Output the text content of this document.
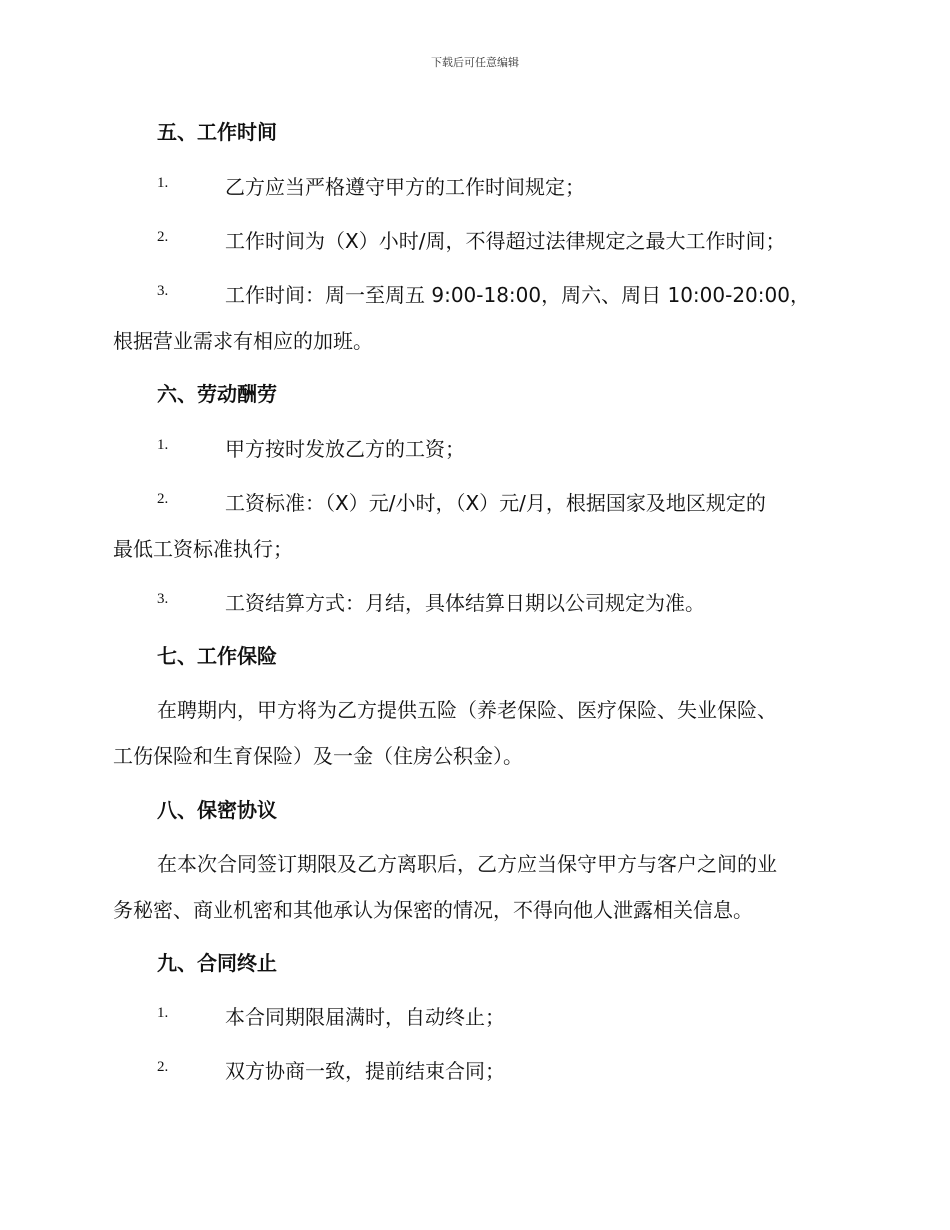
下载后可任意编辑
五、工作时间
1.	乙方应当严格遵守甲方的工作时间规定；
2.	工作时间为（X）小时/周，不得超过法律规定之最大工作时间；
3.	工作时间：周一至周五 9:00-18:00，周六、周日 10:00-20:00，
根据营业需求有相应的加班。
六、劳动酬劳
1.	甲方按时发放乙方的工资；
2.	工资标准：（X）元/小时，（X）元/月，根据国家及地区规定的
最低工资标准执行；
3.	工资结算方式：月结，具体结算日期以公司规定为准。
七、工作保险
在聘期内，甲方将为乙方提供五险（养老保险、医疗保险、失业保险、
工伤保险和生育保险）及一金（住房公积金）。
八、保密协议
在本次合同签订期限及乙方离职后，乙方应当保守甲方与客户之间的业
务秘密、商业机密和其他承认为保密的情况，不得向他人泄露相关信息。
九、合同终止
1.	本合同期限届满时，自动终止；
2.	双方协商一致，提前结束合同；
